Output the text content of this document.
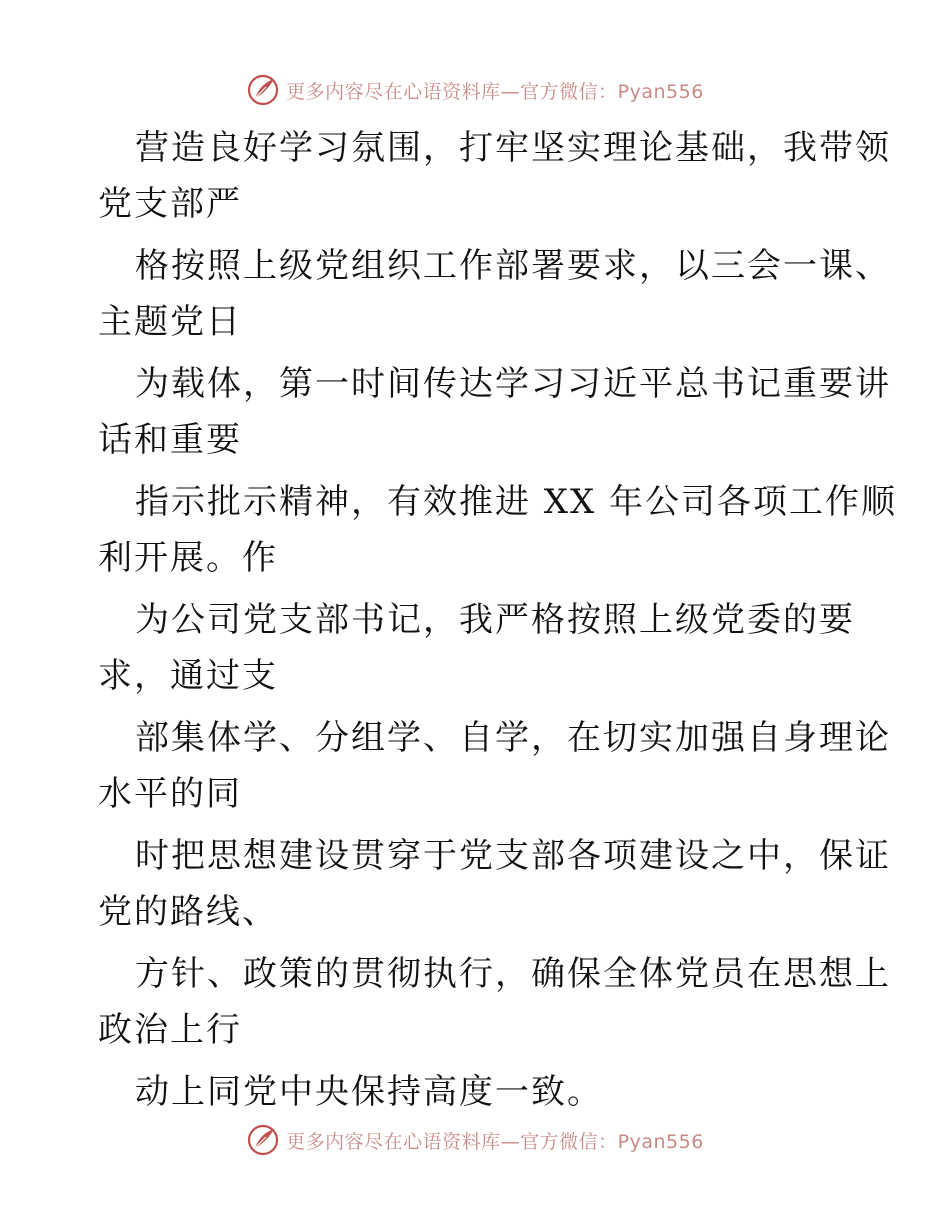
更多内容尽在心语资料库—官方微信：Pyan556
营造良好学习氛围，打牢坚实理论基础，我带领
党支部严
格按照上级党组织工作部署要求，以三会一课、
主题党日
为载体，第一时间传达学习习近平总书记重要讲
话和重要
指示批示精神，有效推进 XX 年公司各项工作顺
利开展。作
为公司党支部书记，我严格按照上级党委的要
求，通过支
部集体学、分组学、自学，在切实加强自身理论
水平的同
时把思想建设贯穿于党支部各项建设之中，保证
党的路线、
方针、政策的贯彻执行，确保全体党员在思想上
政治上行
动上同党中央保持高度一致。
更多内容尽在心语资料库—官方微信：Pyan556
